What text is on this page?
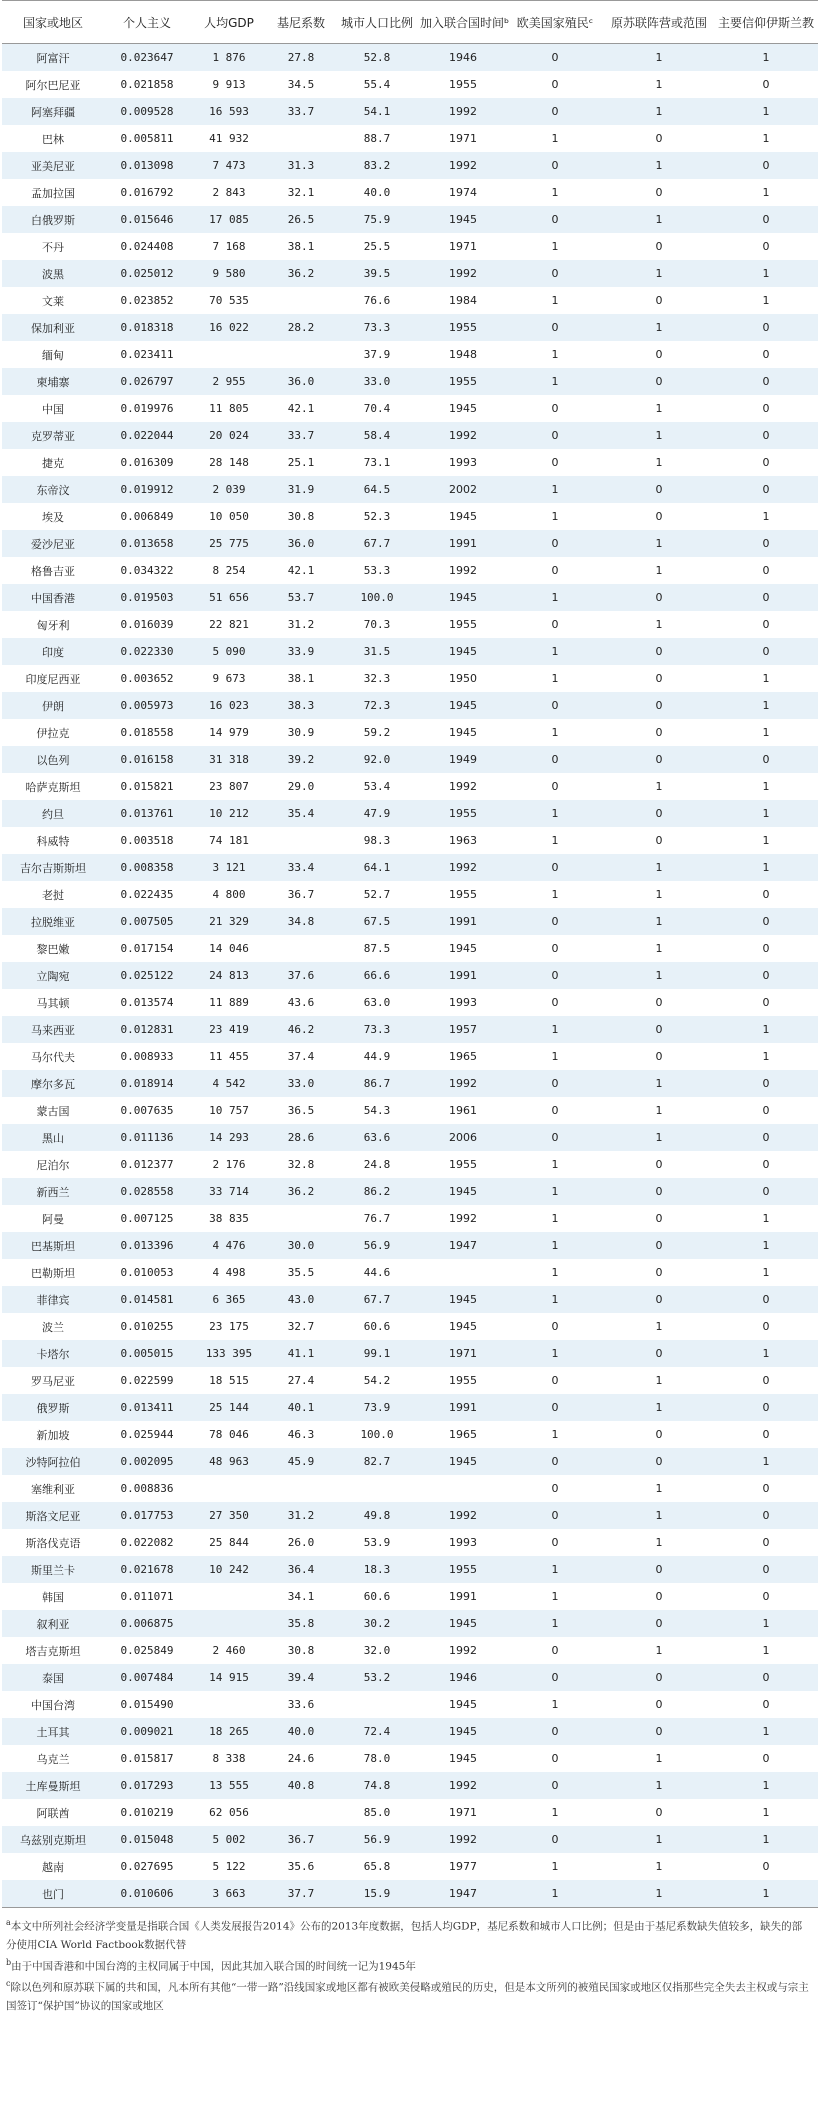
国家或地区	个人主义	人均GDP	基尼系数	城市人口比例	加入联合国时间ᵇ	欧美国家殖民ᶜ	原苏联阵营或范围	主要信仰伊斯兰教
阿富汗	0.023647	1 876	27.8	52.8	1946	0	1	1
阿尔巴尼亚	0.021858	9 913	34.5	55.4	1955	0	1	0
阿塞拜疆	0.009528	16 593	33.7	54.1	1992	0	1	1
巴林	0.005811	41 932		88.7	1971	1	0	1
亚美尼亚	0.013098	7 473	31.3	83.2	1992	0	1	0
孟加拉国	0.016792	2 843	32.1	40.0	1974	1	0	1
白俄罗斯	0.015646	17 085	26.5	75.9	1945	0	1	0
不丹	0.024408	7 168	38.1	25.5	1971	1	0	0
波黑	0.025012	9 580	36.2	39.5	1992	0	1	1
文莱	0.023852	70 535		76.6	1984	1	0	1
保加利亚	0.018318	16 022	28.2	73.3	1955	0	1	0
缅甸	0.023411			37.9	1948	1	0	0
柬埔寨	0.026797	2 955	36.0	33.0	1955	1	0	0
中国	0.019976	11 805	42.1	70.4	1945	0	1	0
克罗蒂亚	0.022044	20 024	33.7	58.4	1992	0	1	0
捷克	0.016309	28 148	25.1	73.1	1993	0	1	0
东帝汶	0.019912	2 039	31.9	64.5	2002	1	0	0
埃及	0.006849	10 050	30.8	52.3	1945	1	0	1
爱沙尼亚	0.013658	25 775	36.0	67.7	1991	0	1	0
格鲁吉亚	0.034322	8 254	42.1	53.3	1992	0	1	0
中国香港	0.019503	51 656	53.7	100.0	1945	1	0	0
匈牙利	0.016039	22 821	31.2	70.3	1955	0	1	0
印度	0.022330	5 090	33.9	31.5	1945	1	0	0
印度尼西亚	0.003652	9 673	38.1	32.3	1950	1	0	1
伊朗	0.005973	16 023	38.3	72.3	1945	0	0	1
伊拉克	0.018558	14 979	30.9	59.2	1945	1	0	1
以色列	0.016158	31 318	39.2	92.0	1949	0	0	0
哈萨克斯坦	0.015821	23 807	29.0	53.4	1992	0	1	1
约旦	0.013761	10 212	35.4	47.9	1955	1	0	1
科威特	0.003518	74 181		98.3	1963	1	0	1
吉尔吉斯斯坦	0.008358	3 121	33.4	64.1	1992	0	1	1
老挝	0.022435	4 800	36.7	52.7	1955	1	1	0
拉脱维亚	0.007505	21 329	34.8	67.5	1991	0	1	0
黎巴嫩	0.017154	14 046		87.5	1945	0	1	0
立陶宛	0.025122	24 813	37.6	66.6	1991	0	1	0
马其顿	0.013574	11 889	43.6	63.0	1993	0	0	0
马来西亚	0.012831	23 419	46.2	73.3	1957	1	0	1
马尔代夫	0.008933	11 455	37.4	44.9	1965	1	0	1
摩尔多瓦	0.018914	4 542	33.0	86.7	1992	0	1	0
蒙古国	0.007635	10 757	36.5	54.3	1961	0	1	0
黑山	0.011136	14 293	28.6	63.6	2006	0	1	0
尼泊尔	0.012377	2 176	32.8	24.8	1955	1	0	0
新西兰	0.028558	33 714	36.2	86.2	1945	1	0	0
阿曼	0.007125	38 835		76.7	1992	1	0	1
巴基斯坦	0.013396	4 476	30.0	56.9	1947	1	0	1
巴勒斯坦	0.010053	4 498	35.5	44.6		1	0	1
菲律宾	0.014581	6 365	43.0	67.7	1945	1	0	0
波兰	0.010255	23 175	32.7	60.6	1945	0	1	0
卡塔尔	0.005015	133 395	41.1	99.1	1971	1	0	1
罗马尼亚	0.022599	18 515	27.4	54.2	1955	0	1	0
俄罗斯	0.013411	25 144	40.1	73.9	1991	0	1	0
新加坡	0.025944	78 046	46.3	100.0	1965	1	0	0
沙特阿拉伯	0.002095	48 963	45.9	82.7	1945	0	0	1
塞维利亚	0.008836					0	1	0
斯洛文尼亚	0.017753	27 350	31.2	49.8	1992	0	1	0
斯洛伐克语	0.022082	25 844	26.0	53.9	1993	0	1	0
斯里兰卡	0.021678	10 242	36.4	18.3	1955	1	0	0
韩国	0.011071		34.1	60.6	1991	1	0	0
叙利亚	0.006875		35.8	30.2	1945	1	0	1
塔吉克斯坦	0.025849	2 460	30.8	32.0	1992	0	1	1
泰国	0.007484	14 915	39.4	53.2	1946	0	0	0
中国台湾	0.015490		33.6		1945	1	0	0
土耳其	0.009021	18 265	40.0	72.4	1945	0	0	1
乌克兰	0.015817	8 338	24.6	78.0	1945	0	1	0
土库曼斯坦	0.017293	13 555	40.8	74.8	1992	0	1	1
阿联酋	0.010219	62 056		85.0	1971	1	0	1
乌兹别克斯坦	0.015048	5 002	36.7	56.9	1992	0	1	1
越南	0.027695	5 122	35.6	65.8	1977	1	1	0
也门	0.010606	3 663	37.7	15.9	1947	1	1	1

$^a$本文中所列社会经济学变量是指联合国《人类发展报告2014》公布的2013年度数据，包括人均GDP，基尼系数和城市人口比例；但是由于基尼系数缺失值较多，缺失的部分使用CIA World Factbook数据代替

$^b$由于中国香港和中国台湾的主权同属于中国，因此其加入联合国的时间统一记为1945年

$^c$除以色列和原苏联下属的共和国，凡本所有其他“一带一路”沿线国家或地区都有被欧美侵略或殖民的历史，但是本文所列的被殖民国家或地区仅指那些完全失去主权或与宗主国签订“保护国”协议的国家或地区
